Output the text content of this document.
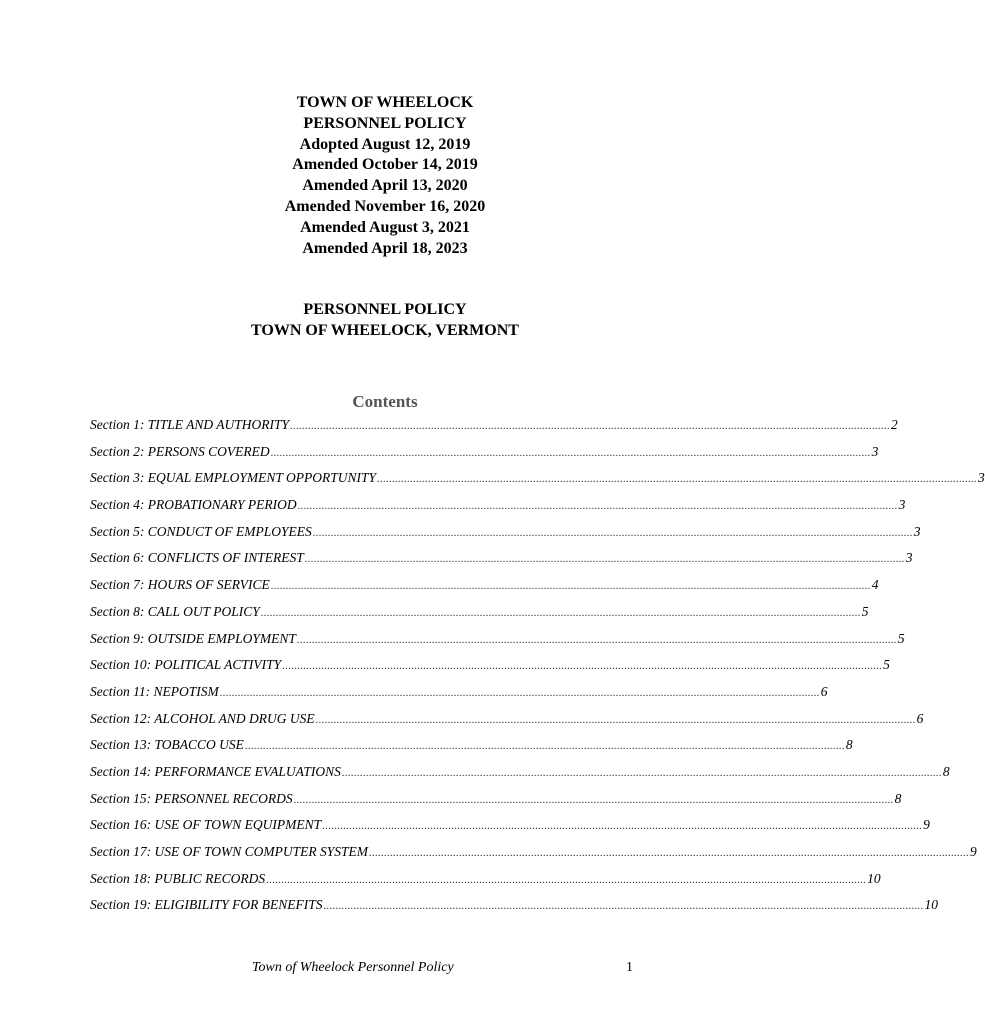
TOWN OF WHEELOCK
PERSONNEL POLICY
Adopted August 12, 2019
Amended October 14, 2019
Amended April 13, 2020
Amended November 16, 2020
Amended August 3, 2021
Amended April 18, 2023
PERSONNEL POLICY
TOWN OF WHEELOCK, VERMONT
Contents
Section 1: TITLE AND AUTHORITY ........................................................................................................................................................................................................ 2
Section 2: PERSONS COVERED ........................................................................................................................................................................................................ 3
Section 3: EQUAL EMPLOYMENT OPPORTUNITY ........................................................................................................................................................................................................ 3
Section 4: PROBATIONARY PERIOD ........................................................................................................................................................................................................ 3
Section 5: CONDUCT OF EMPLOYEES ........................................................................................................................................................................................................ 3
Section 6: CONFLICTS OF INTEREST ........................................................................................................................................................................................................ 3
Section 7: HOURS OF SERVICE ........................................................................................................................................................................................................ 4
Section 8: CALL OUT POLICY ........................................................................................................................................................................................................ 5
Section 9: OUTSIDE EMPLOYMENT ........................................................................................................................................................................................................ 5
Section 10: POLITICAL ACTIVITY ........................................................................................................................................................................................................ 5
Section 11: NEPOTISM ........................................................................................................................................................................................................ 6
Section 12: ALCOHOL AND DRUG USE ........................................................................................................................................................................................................ 6
Section 13: TOBACCO USE ........................................................................................................................................................................................................ 8
Section 14: PERFORMANCE EVALUATIONS ........................................................................................................................................................................................................ 8
Section 15: PERSONNEL RECORDS ........................................................................................................................................................................................................ 8
Section 16: USE OF TOWN EQUIPMENT ........................................................................................................................................................................................................ 9
Section 17: USE OF TOWN COMPUTER SYSTEM ........................................................................................................................................................................................................ 9
Section 18: PUBLIC RECORDS ........................................................................................................................................................................................................ 10
Section 19: ELIGIBILITY FOR BENEFITS ........................................................................................................................................................................................................ 10
Town of Wheelock Personnel Policy	1
